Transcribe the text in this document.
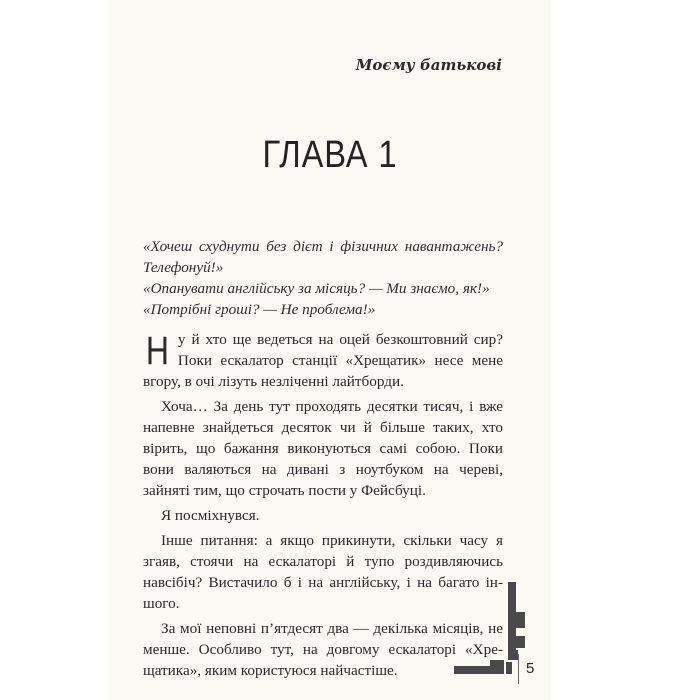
Моєму батькові
ГЛАВА 1

«Хочеш схуднути без дієт і фізичних навантажень? Телефонуй!»

«Опанувати англійську за місяць? — Ми знаємо, як!»

«Потрібні гроші? — Не проблема!»

Ну й хто ще ведеться на оцей безкоштовний сир? Поки ескалатор станції «Хрещатик» несе мене вгору, в очі лізуть незліченні лайтборди.

Хоча… За день тут проходять десятки тисяч, і вже напевне знайдеться десяток чи й більше таких, хто вірить, що бажання виконуються самі собою. Поки вони валяються на дивані з ноутбуком на череві, зайняті тим, що строчать пости у Фейсбуці.

Я посміхнувся.

Інше питання: а якщо прикинути, скільки часу я згаяв, стоячи на ескалаторі й тупо роздивляючись навсібіч? Вистачило б і на англійську, і на багато іншого.

За мої неповні п’ятдесят два — декілька місяців, не менше. Особливо тут, на довгому ескалаторі «Хрещатика», яким користуюся найчастіше.	5
